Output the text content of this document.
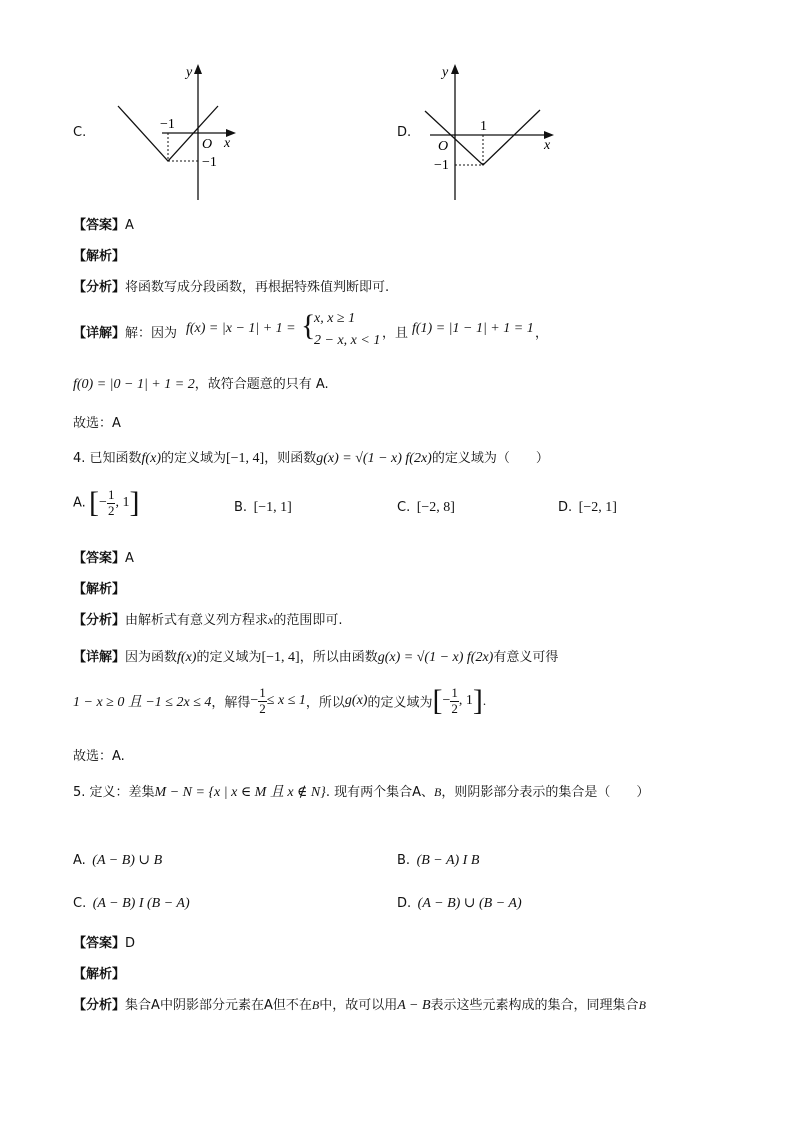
C.
y
x
O
−1
−1
D.
y
x
O
1
−1
【答案】A
【解析】
【分析】将函数写成分段函数，再根据特殊值判断即可.
【详解】解：因为 f(x) = |x − 1| + 1 = {
x, x ≥ 1
2 − x, x < 1 ，且 f(1) = |1 − 1| + 1 = 1 ，
f(0) = |0 − 1| + 1 = 2，故符合题意的只有 A.
故选：A
4. 已知函数f(x)的定义域为[−1, 4]，则函数g(x) = √(1 − x) f(2x)的定义域为（　　）
A. [− $\frac{1}{2}$ , 1]	B. [−1, 1]	C. [−2, 8]	D. [−2, 1]
【答案】A
【解析】
【分析】由解析式有意义列方程求x的范围即可.
【详解】因为函数f(x)的定义域为[−1, 4]，所以由函数g(x) = √(1 − x) f(2x)有意义可得
1 − x ≥ 0 且 −1 ≤ 2x ≤ 4，解得− $\frac{1}{2} \le x \le 1$，所以g(x)的定义域为[− $\frac{1}{2}$ , 1].
故选：A.
5. 定义：差集M − N = {x | x ∈ M 且 x ∉ N}. 现有两个集合A、B，则阴影部分表示的集合是（　　）
A. (A − B) ∪ B	B. (B − A) I B
C. (A − B) I (B − A)	D. (A − B) ∪ (B − A)
【答案】D
【解析】
【分析】集合A中阴影部分元素在A但不在B中，故可以用A − B表示这些元素构成的集合，同理集合B
